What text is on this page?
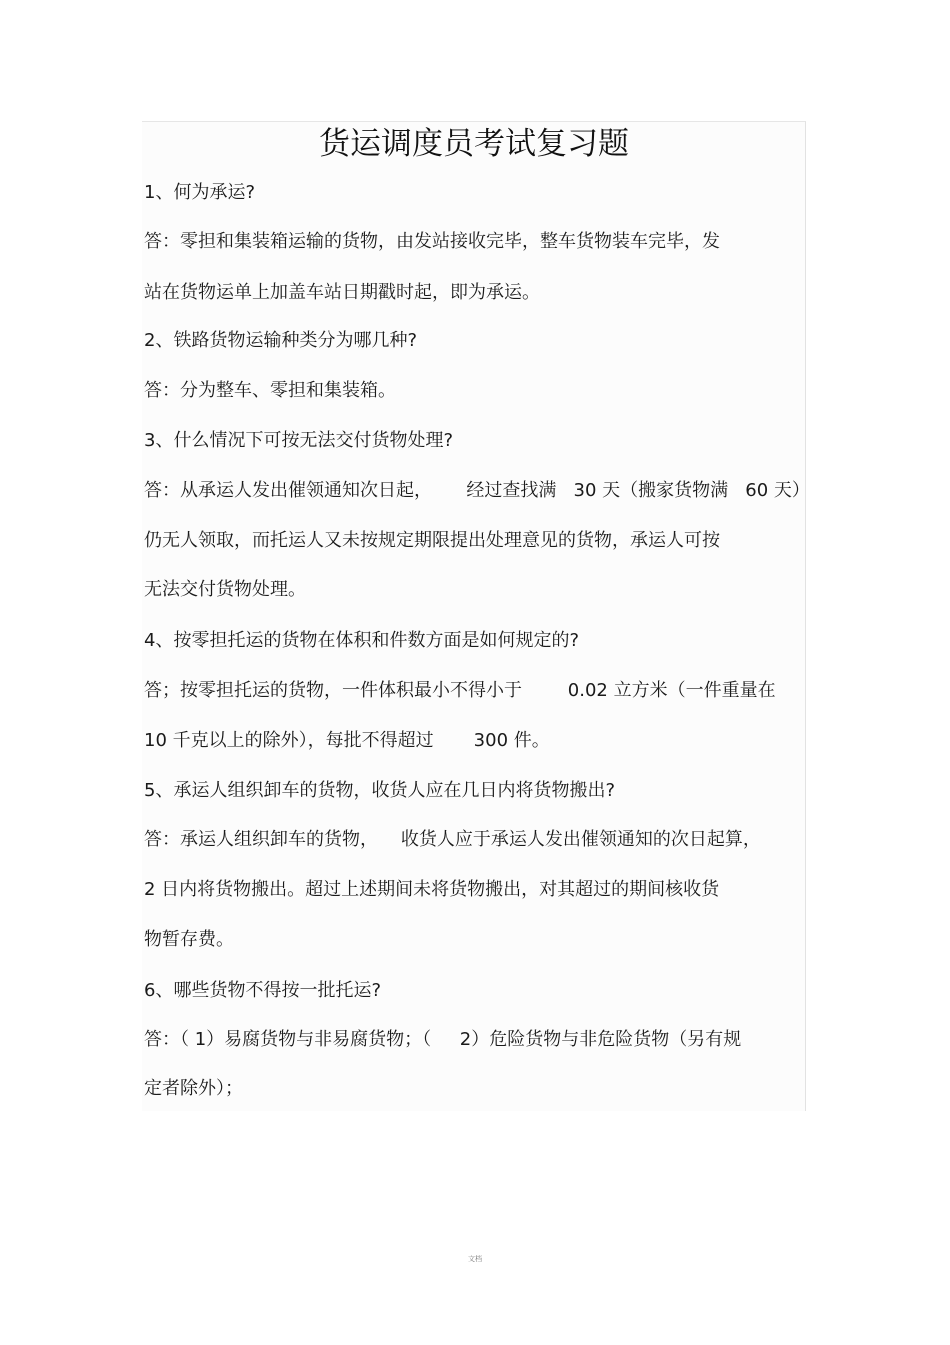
货运调度员考试复习题
1、何为承运?
答：零担和集装箱运输的货物，由发站接收完毕，整车货物装车完毕，发
站在货物运单上加盖车站日期戳时起，即为承运。
2、铁路货物运输种类分为哪几种?
答：分为整车、零担和集装箱。
3、什么情况下可按无法交付货物处理?
答：从承运人发出催领通知次日起，      经过查找满   30 天（搬家货物满   60 天）
仍无人领取，而托运人又未按规定期限提出处理意见的货物，承运人可按
无法交付货物处理。
4、按零担托运的货物在体积和件数方面是如何规定的?
答；按零担托运的货物，一件体积最小不得小于        0.02 立方米（一件重量在
10 千克以上的除外），每批不得超过       300 件。
5、承运人组织卸车的货物，收货人应在几日内将货物搬出?
答：承运人组织卸车的货物，    收货人应于承运人发出催领通知的次日起算，
2 日内将货物搬出。超过上述期间未将货物搬出，对其超过的期间核收货
物暂存费。
6、哪些货物不得按一批托运?
答：（ 1）易腐货物与非易腐货物；（     2）危险货物与非危险货物（另有规
定者除外）；
文档
